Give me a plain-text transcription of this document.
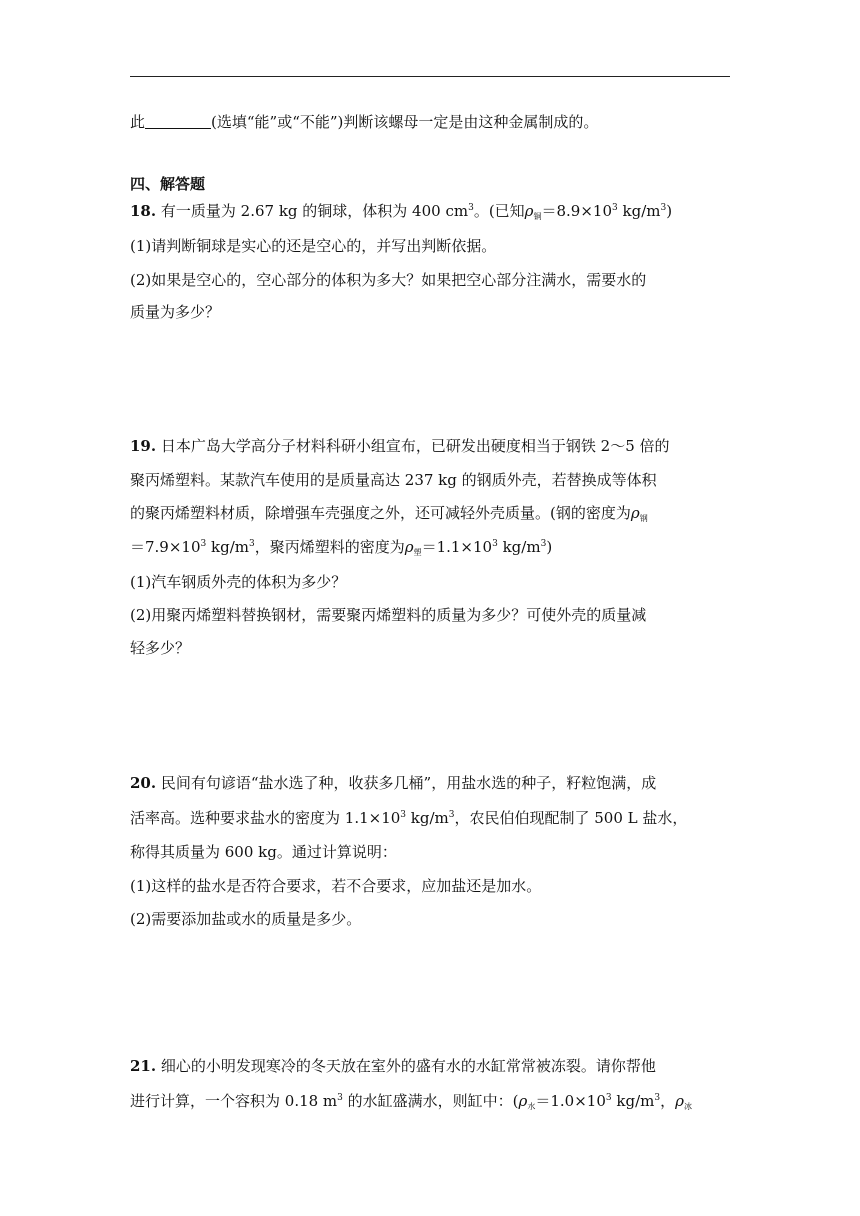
此	(选填“能”或“不能”)判断该螺母一定是由这种金属制成的。
四、解答题
18. 有一质量为 2.67 kg 的铜球，体积为 400 $cm^3$。(已知$\rho_铜=8.9\times 10^3$ $kg/m^3$)
(1)请判断铜球是实心的还是空心的，并写出判断依据。
(2)如果是空心的，空心部分的体积为多大？如果把空心部分注满水，需要水的
质量为多少？
19. 日本广岛大学高分子材料科研小组宣布，已研发出硬度相当于钢铁 2～5 倍的
聚丙烯塑料。某款汽车使用的是质量高达 237 kg 的钢质外壳，若替换成等体积
的聚丙烯塑料材质，除增强车壳强度之外，还可减轻外壳质量。(钢的密度为$\rho_钢$
$=7.9\times 10^3$ $kg/m^3$，聚丙烯塑料的密度为$\rho_塑=1.1\times 10^3$ $kg/m^3$)
(1)汽车钢质外壳的体积为多少？
(2)用聚丙烯塑料替换钢材，需要聚丙烯塑料的质量为多少？可使外壳的质量减
轻多少？
20. 民间有句谚语“盐水选了种，收获多几桶”，用盐水选的种子，籽粒饱满，成
活率高。选种要求盐水的密度为 $1.1\times 10^3$ $kg/m^3$，农民伯伯现配制了 500 L 盐水，
称得其质量为 600 kg。通过计算说明：
(1)这样的盐水是否符合要求，若不合要求，应加盐还是加水。
(2)需要添加盐或水的质量是多少。
21. 细心的小明发现寒冷的冬天放在室外的盛有水的水缸常常被冻裂。请你帮他
进行计算，一个容积为 0.18 $m^3$ 的水缸盛满水，则缸中：($\rho_水=1.0\times 10^3$ $kg/m^3$，$\rho_冰$
